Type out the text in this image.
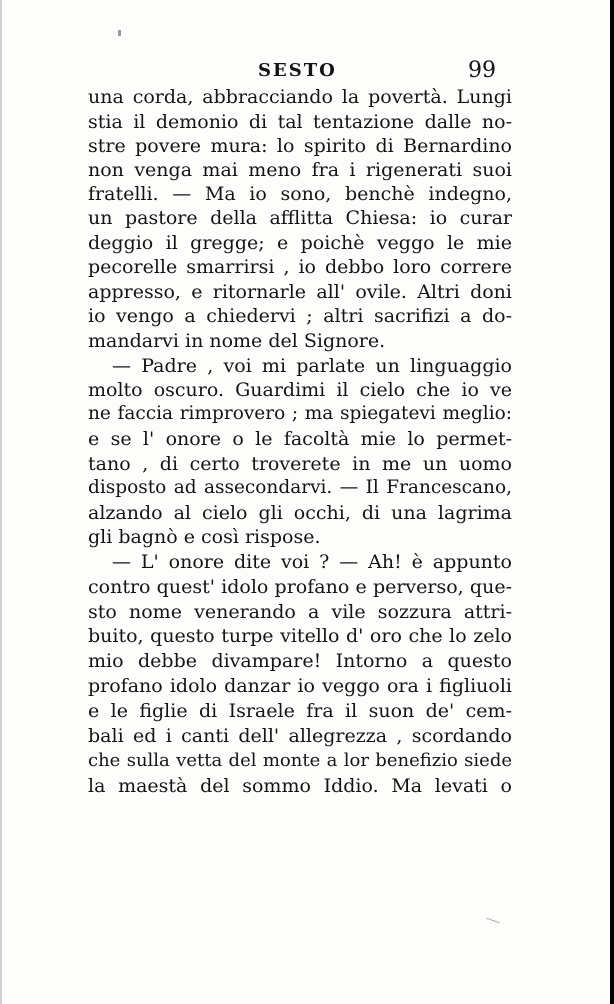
SESTO	99

una corda, abbracciando la povertà. Lungi

stia il demonio di tal tentazione dalle no-

stre povere mura: lo spirito di Bernardino

non venga mai meno fra i rigenerati suoi

fratelli. — Ma io sono, benchè indegno,

un pastore della afflitta Chiesa: io curar

deggio il gregge; e poichè veggo le mie

pecorelle smarrirsi , io debbo loro correre

appresso, e ritornarle all' ovile. Altri doni

io vengo a chiedervi ; altri sacrifizi a do-

mandarvi in nome del Signore.

— Padre , voi mi parlate un linguaggio

molto oscuro. Guardimi il cielo che io ve

ne faccia rimprovero ; ma spiegatevi meglio:

e se l' onore o le facoltà mie lo permet-

tano , di certo troverete in me un uomo

disposto ad assecondarvi. — Il Francescano,

alzando al cielo gli occhi, di una lagrima

gli bagnò e così rispose.

— L' onore dite voi ? — Ah! è appunto

contro quest' idolo profano e perverso, que-

sto nome venerando a vile sozzura attri-

buito, questo turpe vitello d' oro che lo zelo

mio debbe divampare! Intorno a questo

profano idolo danzar io veggo ora i figliuoli

e le figlie di Israele fra il suon de' cem-

bali ed i canti dell' allegrezza , scordando

che sulla vetta del monte a lor benefizio siede

la maestà del sommo Iddio. Ma levati o
